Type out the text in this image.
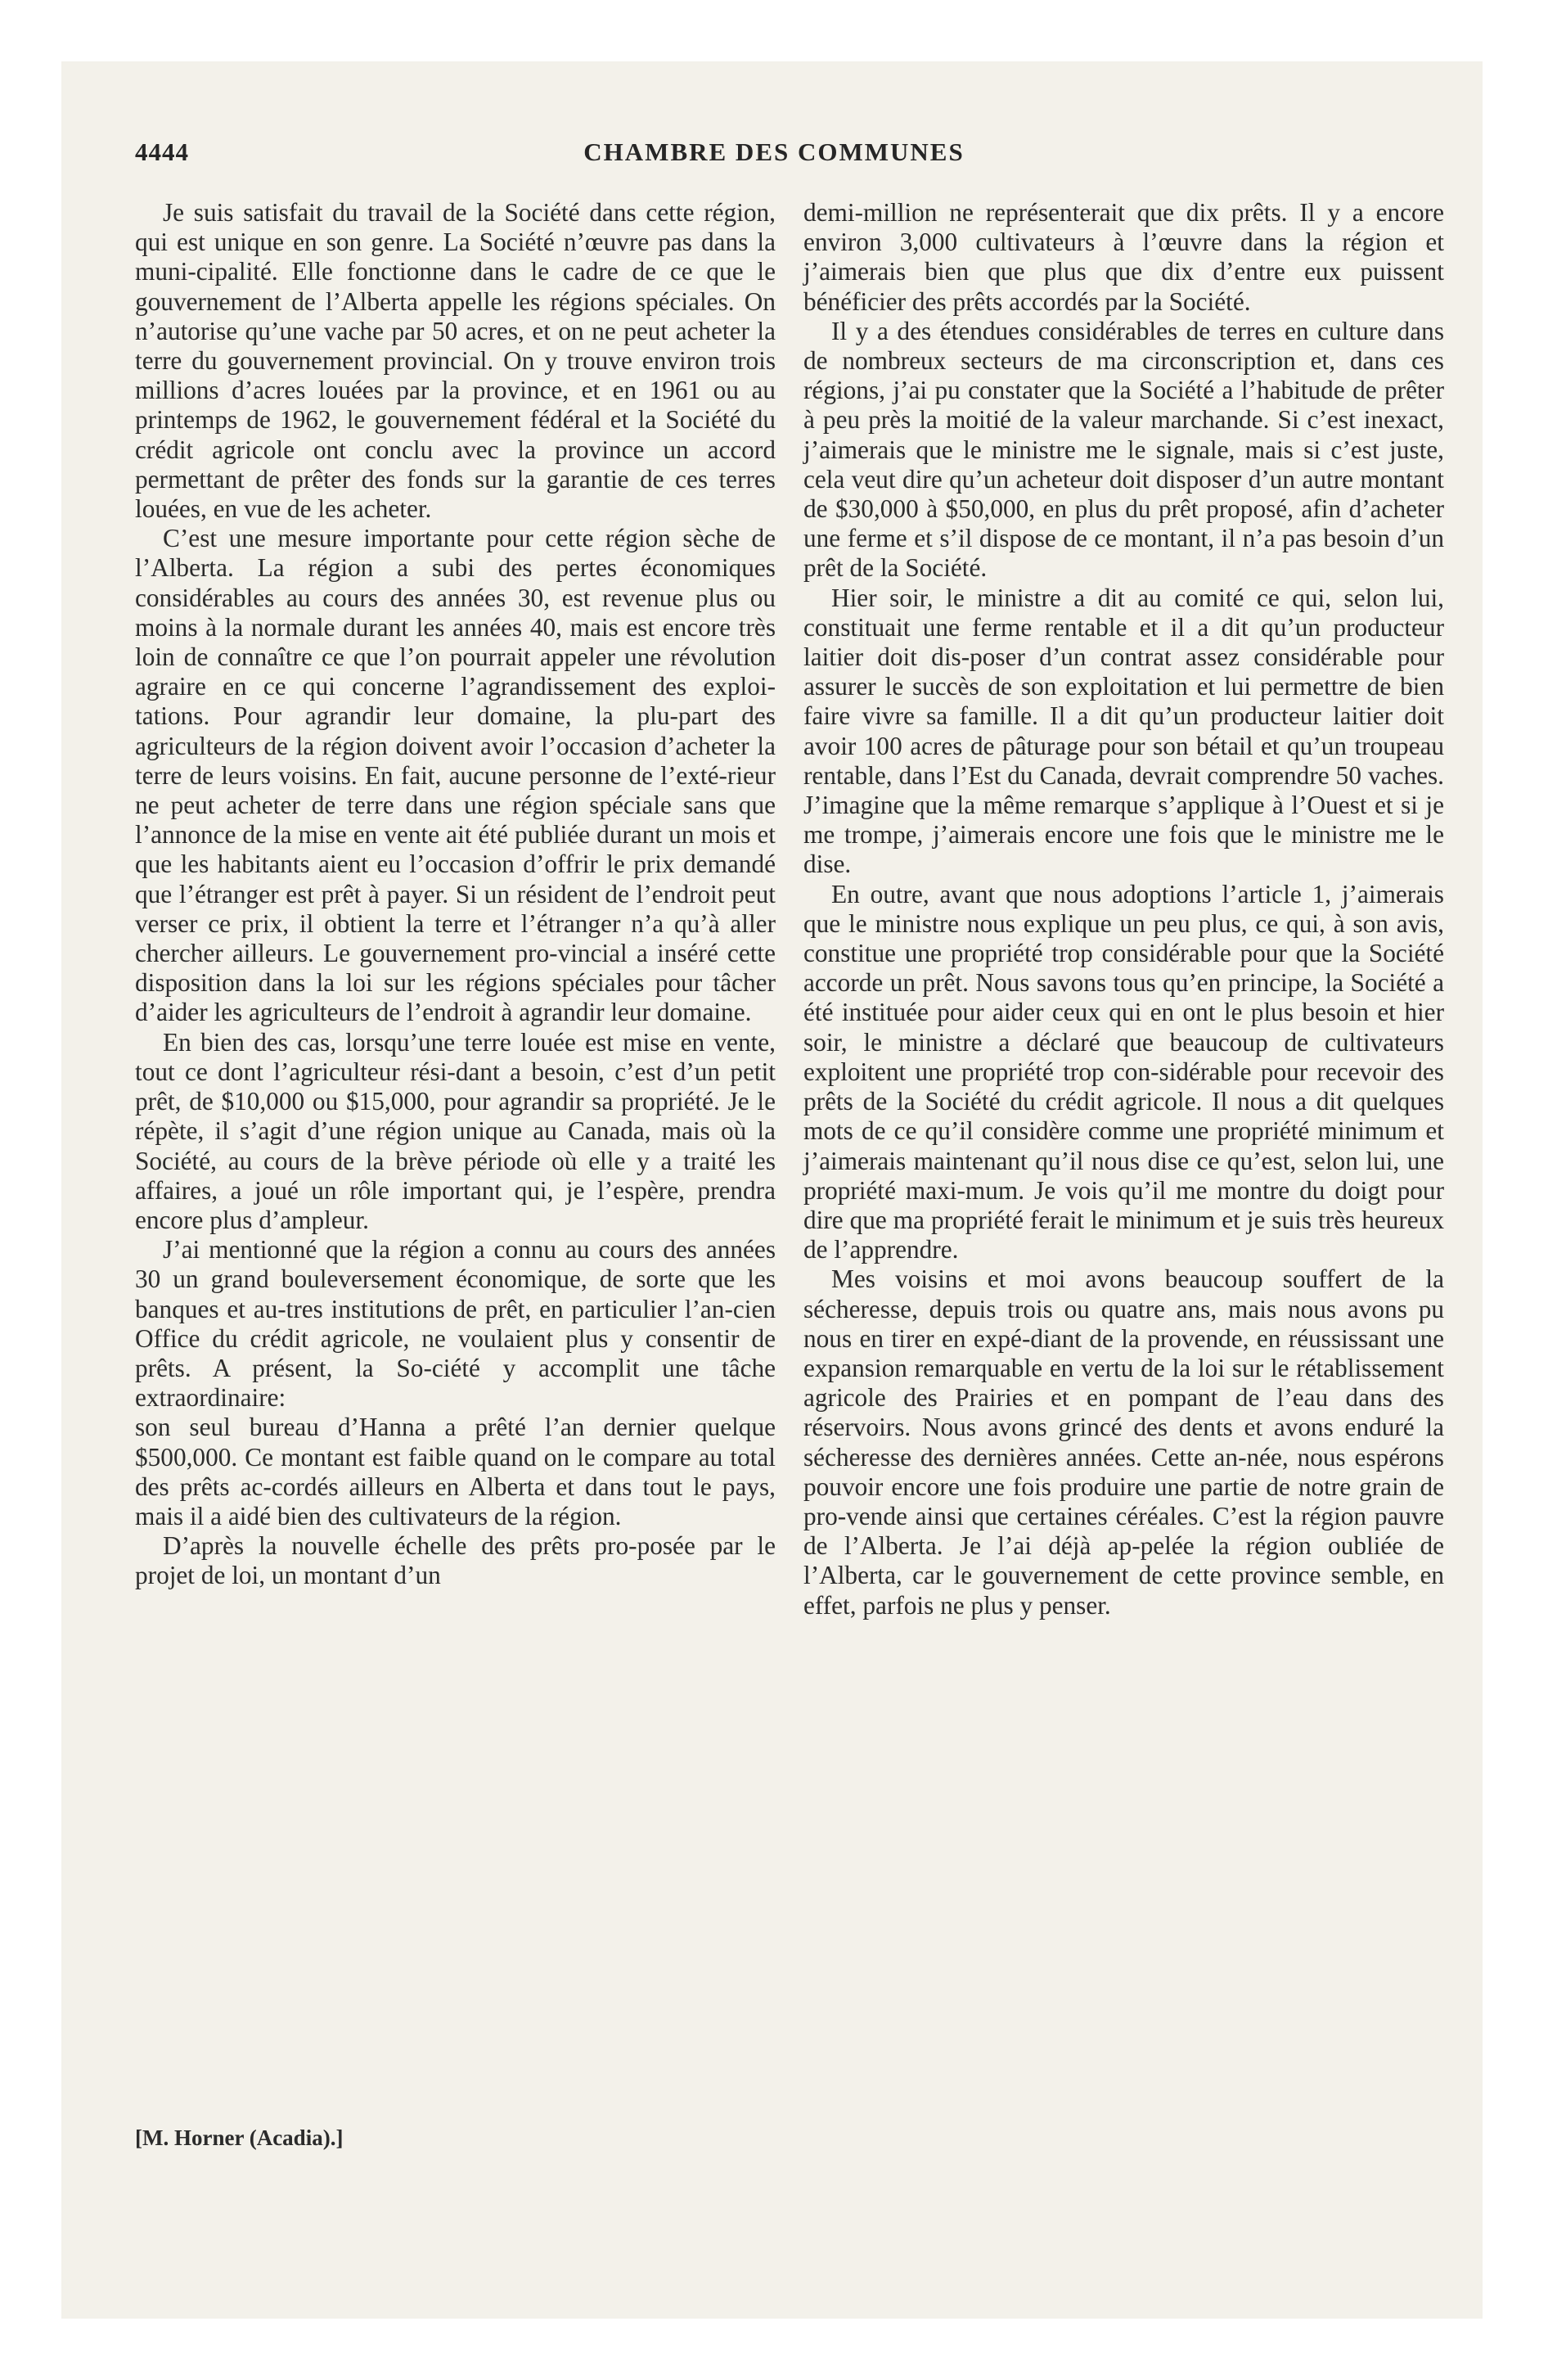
4444	CHAMBRE DES COMMUNES

Je suis satisfait du travail de la Société dans cette région, qui est unique en son genre. La Société n’œuvre pas dans la muni-cipalité. Elle fonctionne dans le cadre de ce que le gouvernement de l’Alberta appelle les régions spéciales. On n’autorise qu’une vache par 50 acres, et on ne peut acheter la terre du gouvernement provincial. On y trouve environ trois millions d’acres louées par la province, et en 1961 ou au printemps de 1962, le gouvernement fédéral et la Société du crédit agricole ont conclu avec la province un accord permettant de prêter des fonds sur la garantie de ces terres louées, en vue de les acheter.

C’est une mesure importante pour cette région sèche de l’Alberta. La région a subi des pertes économiques considérables au cours des années 30, est revenue plus ou moins à la normale durant les années 40, mais est encore très loin de connaître ce que l’on pourrait appeler une révolution agraire en ce qui concerne l’agrandissement des exploi-tations. Pour agrandir leur domaine, la plu-part des agriculteurs de la région doivent avoir l’occasion d’acheter la terre de leurs voisins. En fait, aucune personne de l’exté-rieur ne peut acheter de terre dans une région spéciale sans que l’annonce de la mise en vente ait été publiée durant un mois et que les habitants aient eu l’occasion d’offrir le prix demandé que l’étranger est prêt à payer. Si un résident de l’endroit peut verser ce prix, il obtient la terre et l’étranger n’a qu’à aller chercher ailleurs. Le gouvernement pro-vincial a inséré cette disposition dans la loi sur les régions spéciales pour tâcher d’aider les agriculteurs de l’endroit à agrandir leur domaine.

En bien des cas, lorsqu’une terre louée est mise en vente, tout ce dont l’agriculteur rési-dant a besoin, c’est d’un petit prêt, de $10,000 ou $15,000, pour agrandir sa propriété. Je le répète, il s’agit d’une région unique au Canada, mais où la Société, au cours de la brève période où elle y a traité les affaires, a joué un rôle important qui, je l’espère, prendra encore plus d’ampleur.

J’ai mentionné que la région a connu au cours des années 30 un grand bouleversement économique, de sorte que les banques et au-tres institutions de prêt, en particulier l’an-cien Office du crédit agricole, ne voulaient plus y consentir de prêts. A présent, la So-ciété y accomplit une tâche extraordinaire:

son seul bureau d’Hanna a prêté l’an dernier quelque $500,000. Ce montant est faible quand on le compare au total des prêts ac-cordés ailleurs en Alberta et dans tout le pays, mais il a aidé bien des cultivateurs de la région.

D’après la nouvelle échelle des prêts pro-posée par le projet de loi, un montant d’un

demi-million ne représenterait que dix prêts. Il y a encore environ 3,000 cultivateurs à l’œuvre dans la région et j’aimerais bien que plus que dix d’entre eux puissent bénéficier des prêts accordés par la Société.

Il y a des étendues considérables de terres en culture dans de nombreux secteurs de ma circonscription et, dans ces régions, j’ai pu constater que la Société a l’habitude de prêter à peu près la moitié de la valeur marchande. Si c’est inexact, j’aimerais que le ministre me le signale, mais si c’est juste, cela veut dire qu’un acheteur doit disposer d’un autre montant de $30,000 à $50,000, en plus du prêt proposé, afin d’acheter une ferme et s’il dispose de ce montant, il n’a pas besoin d’un prêt de la Société.

Hier soir, le ministre a dit au comité ce qui, selon lui, constituait une ferme rentable et il a dit qu’un producteur laitier doit dis-poser d’un contrat assez considérable pour assurer le succès de son exploitation et lui permettre de bien faire vivre sa famille. Il a dit qu’un producteur laitier doit avoir 100 acres de pâturage pour son bétail et qu’un troupeau rentable, dans l’Est du Canada, devrait comprendre 50 vaches. J’imagine que la même remarque s’applique à l’Ouest et si je me trompe, j’aimerais encore une fois que le ministre me le dise.

En outre, avant que nous adoptions l’article 1, j’aimerais que le ministre nous explique un peu plus, ce qui, à son avis, constitue une propriété trop considérable pour que la Société accorde un prêt. Nous savons tous qu’en principe, la Société a été instituée pour aider ceux qui en ont le plus besoin et hier soir, le ministre a déclaré que beaucoup de cultivateurs exploitent une propriété trop con-sidérable pour recevoir des prêts de la Société du crédit agricole. Il nous a dit quelques mots de ce qu’il considère comme une propriété minimum et j’aimerais maintenant qu’il nous dise ce qu’est, selon lui, une propriété maxi-mum. Je vois qu’il me montre du doigt pour dire que ma propriété ferait le minimum et je suis très heureux de l’apprendre.

Mes voisins et moi avons beaucoup souffert de la sécheresse, depuis trois ou quatre ans, mais nous avons pu nous en tirer en expé-diant de la provende, en réussissant une expansion remarquable en vertu de la loi sur le rétablissement agricole des Prairies et en pompant de l’eau dans des réservoirs. Nous avons grincé des dents et avons enduré la sécheresse des dernières années. Cette an-née, nous espérons pouvoir encore une fois produire une partie de notre grain de pro-vende ainsi que certaines céréales. C’est la région pauvre de l’Alberta. Je l’ai déjà ap-pelée la région oubliée de l’Alberta, car le gouvernement de cette province semble, en effet, parfois ne plus y penser.

[M. Horner (Acadia).]
